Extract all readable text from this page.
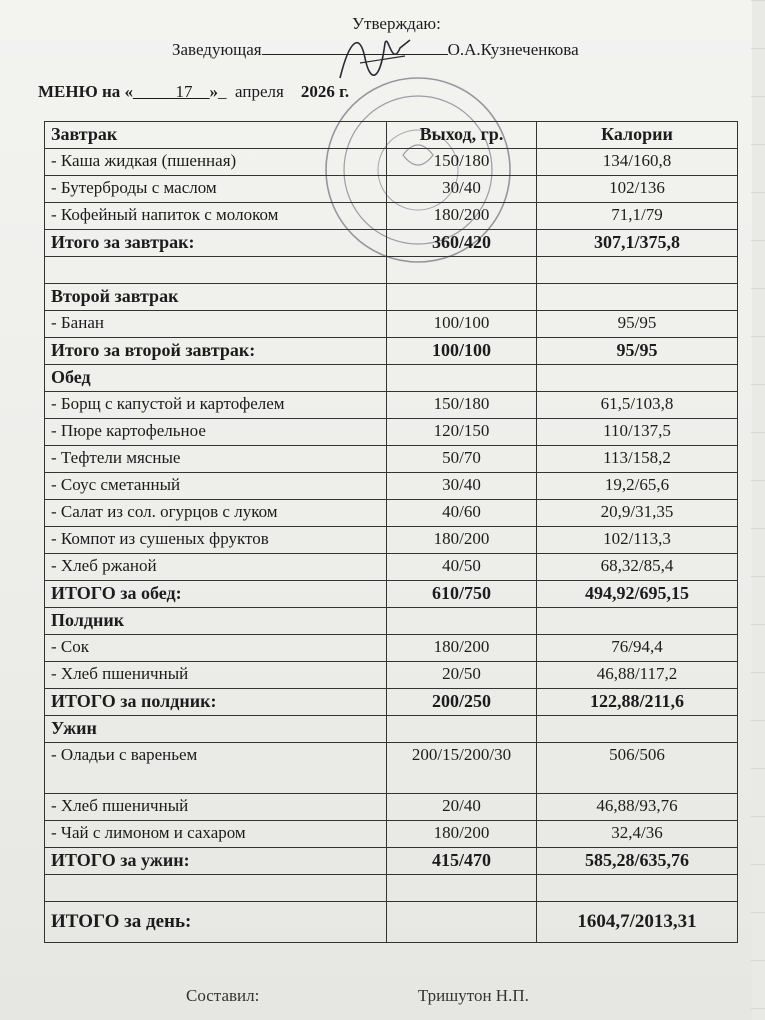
Утверждаю:
Заведующая	О.А.Кузнеченкова
МЕНЮ на «_____17__»_  апреля 2026 г.
Завтрак	Выход, гр.	Калории
- Каша жидкая (пшенная)	150/180	134/160,8
- Бутерброды с маслом	30/40	102/136
- Кофейный напиток с молоком	180/200	71,1/79
Итого за завтрак:	360/420	307,1/375,8

Второй завтрак		
- Банан	100/100	95/95
Итого за второй завтрак:	100/100	95/95
Обед		
- Борщ с капустой и картофелем	150/180	61,5/103,8
- Пюре картофельное	120/150	110/137,5
- Тефтели мясные	50/70	113/158,2
- Соус сметанный	30/40	19,2/65,6
- Салат из сол. огурцов с луком	40/60	20,9/31,35
- Компот из сушеных фруктов	180/200	102/113,3
- Хлеб ржаной	40/50	68,32/85,4
ИТОГО за обед:	610/750	494,92/695,15
Полдник		
- Сок	180/200	76/94,4
- Хлеб пшеничный	20/50	46,88/117,2
ИТОГО за полдник:	200/250	122,88/211,6
Ужин		
- Оладьи с вареньем	200/15/200/30	506/506
- Хлеб пшеничный	20/40	46,88/93,76
- Чай с лимоном и сахаром	180/200	32,4/36
ИТОГО за ужин:	415/470	585,28/635,76

ИТОГО за день:		1604,7/2013,31
Составил:	Тришутон Н.П.
